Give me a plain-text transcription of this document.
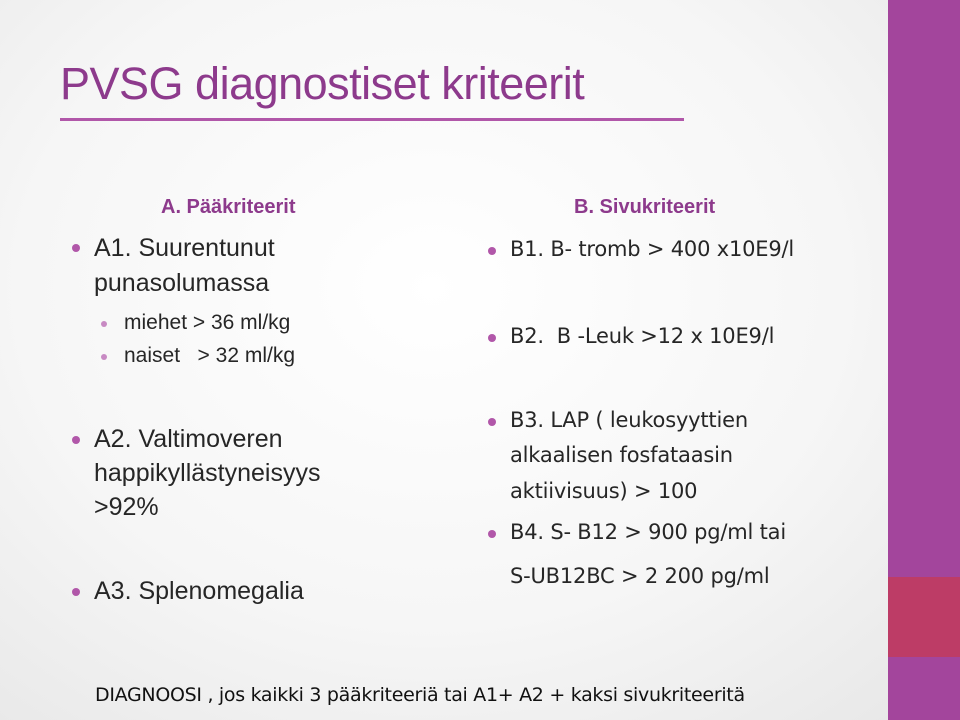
PVSG diagnostiset kriteerit

A. Pääkriteerit

A1. Suurentunut

punasolumassa

miehet > 36 ml/kg

naiset   > 32 ml/kg

A2. Valtimoveren

happikyllästyneisyys

>92%

A3. Splenomegalia

B. Sivukriteerit

B1. B- tromb > 400 x10E9/l

B2.  B -Leuk >12 x 10E9/l

B3. LAP ( leukosyyttien

alkaalisen fosfataasin

aktiivisuus) > 100

B4. S- B12 > 900 pg/ml tai

S-UB12BC > 2 200 pg/ml

DIAGNOOSI , jos kaikki 3 pääkriteeriä tai A1+ A2 + kaksi sivukriteeritä
